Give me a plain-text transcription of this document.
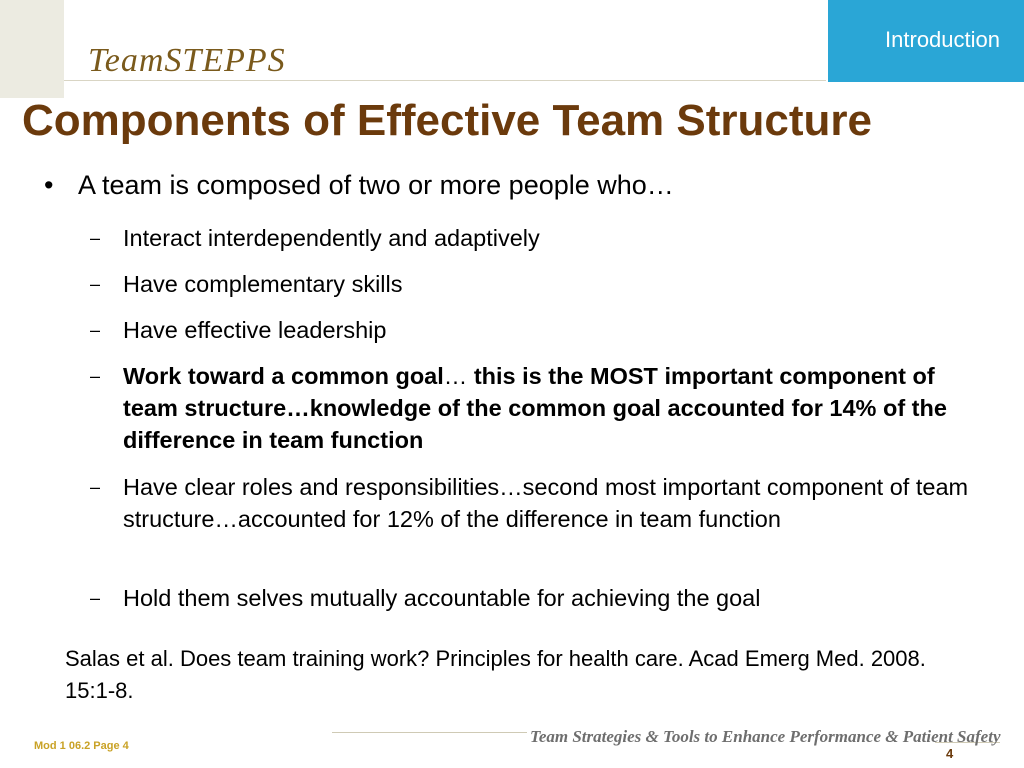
TeamSTEPPS
Introduction
Components of Effective Team Structure
• A team is composed of two or more people who…
– Interact interdependently and adaptively
– Have complementary skills
– Have effective leadership
– Work toward a common goal… this is the MOST important component of team structure…knowledge of the common goal accounted for 14% of the difference in team function
– Have clear roles and responsibilities…second most important component of team structure…accounted for 12% of the difference in team function
– Hold them selves mutually accountable for achieving the goal
Salas et al. Does team training work? Principles for health care. Acad Emerg Med. 2008. 15:1-8.
Mod 1 06.2 Page 4	Team Strategies & Tools to Enhance Performance & Patient Safety
4
